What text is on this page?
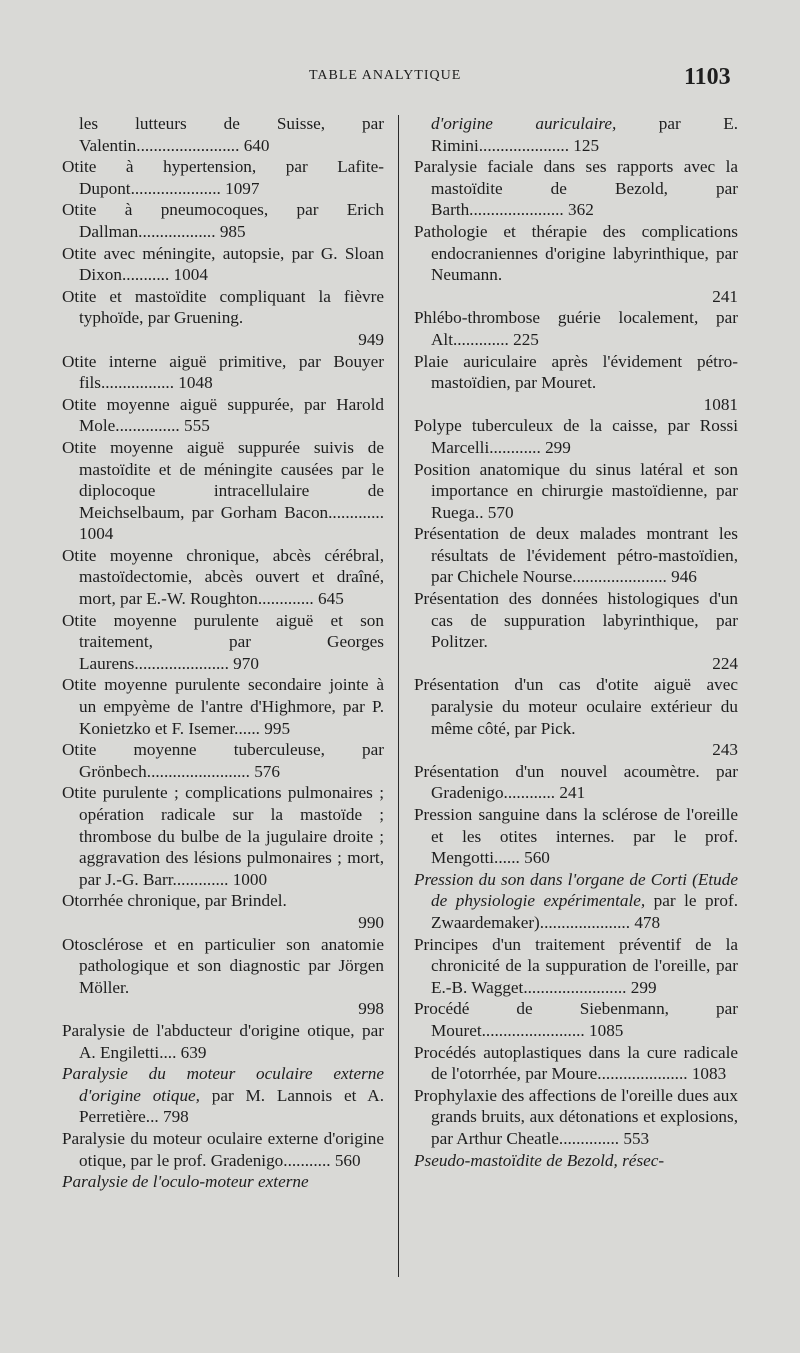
TABLE ANALYTIQUE	1103

les lutteurs de Suisse, par Valentin........................ 640

Otite à hypertension, par Lafite-Dupont..................... 1097

Otite à pneumocoques, par Erich Dallman.................. 985

Otite avec méningite, autopsie, par G. Sloan Dixon........... 1004

Otite et mastoïdite compliquant la fièvre typhoïde, par Gruening.
949

Otite interne aiguë primitive, par Bouyer fils................. 1048

Otite moyenne aiguë suppurée, par Harold Mole............... 555

Otite moyenne aiguë suppurée suivis de mastoïdite et de méningite causées par le diplocoque intracellulaire de Meichselbaum, par Gorham Bacon............. 1004

Otite moyenne chronique, abcès cérébral, mastoïdectomie, abcès ouvert et draîné, mort, par E.-W. Roughton............. 645

Otite moyenne purulente aiguë et son traitement, par Georges Laurens...................... 970

Otite moyenne purulente secondaire jointe à un empyème de l'antre d'Highmore, par P. Konietzko et F. Isemer...... 995

Otite moyenne tuberculeuse, par Grönbech........................ 576

Otite purulente ; complications pulmonaires ; opération radicale sur la mastoïde ; thrombose du bulbe de la jugulaire droite ; aggravation des lésions pulmonaires ; mort, par J.-G. Barr............. 1000

Otorrhée chronique, par Brindel.
990

Otosclérose et en particulier son anatomie pathologique et son diagnostic par Jörgen Möller.
998

Paralysie de l'abducteur d'origine otique, par A. Engiletti.... 639

Paralysie du moteur oculaire externe d'origine otique, par M. Lannois et A. Perretière... 798

Paralysie du moteur oculaire externe d'origine otique, par le prof. Gradenigo........... 560

Paralysie de l'oculo-moteur externe

d'origine auriculaire, par E. Rimini..................... 125

Paralysie faciale dans ses rapports avec la mastoïdite de Bezold, par Barth...................... 362

Pathologie et thérapie des complications endocraniennes d'origine labyrinthique, par Neumann.
241

Phlébo-thrombose guérie localement, par Alt............. 225

Plaie auriculaire après l'évidement pétro-mastoïdien, par Mouret.
1081

Polype tuberculeux de la caisse, par Rossi Marcelli............ 299

Position anatomique du sinus latéral et son importance en chirurgie mastoïdienne, par Ruega.. 570

Présentation de deux malades montrant les résultats de l'évidement pétro-mastoïdien, par Chichele Nourse...................... 946

Présentation des données histologiques d'un cas de suppuration labyrinthique, par Politzer.
224

Présentation d'un cas d'otite aiguë avec paralysie du moteur oculaire extérieur du même côté, par Pick.
243

Présentation d'un nouvel acoumètre. par Gradenigo............ 241

Pression sanguine dans la sclérose de l'oreille et les otites internes. par le prof. Mengotti...... 560

Pression du son dans l'organe de Corti (Etude de physiologie expérimentale, par le prof. Zwaardemaker)..................... 478

Principes d'un traitement préventif de la chronicité de la suppuration de l'oreille, par E.-B. Wagget........................ 299

Procédé de Siebenmann, par Mouret........................ 1085

Procédés autoplastiques dans la cure radicale de l'otorrhée, par Moure..................... 1083

Prophylaxie des affections de l'oreille dues aux grands bruits, aux détonations et explosions, par Arthur Cheatle.............. 553

Pseudo-mastoïdite de Bezold, résec-
